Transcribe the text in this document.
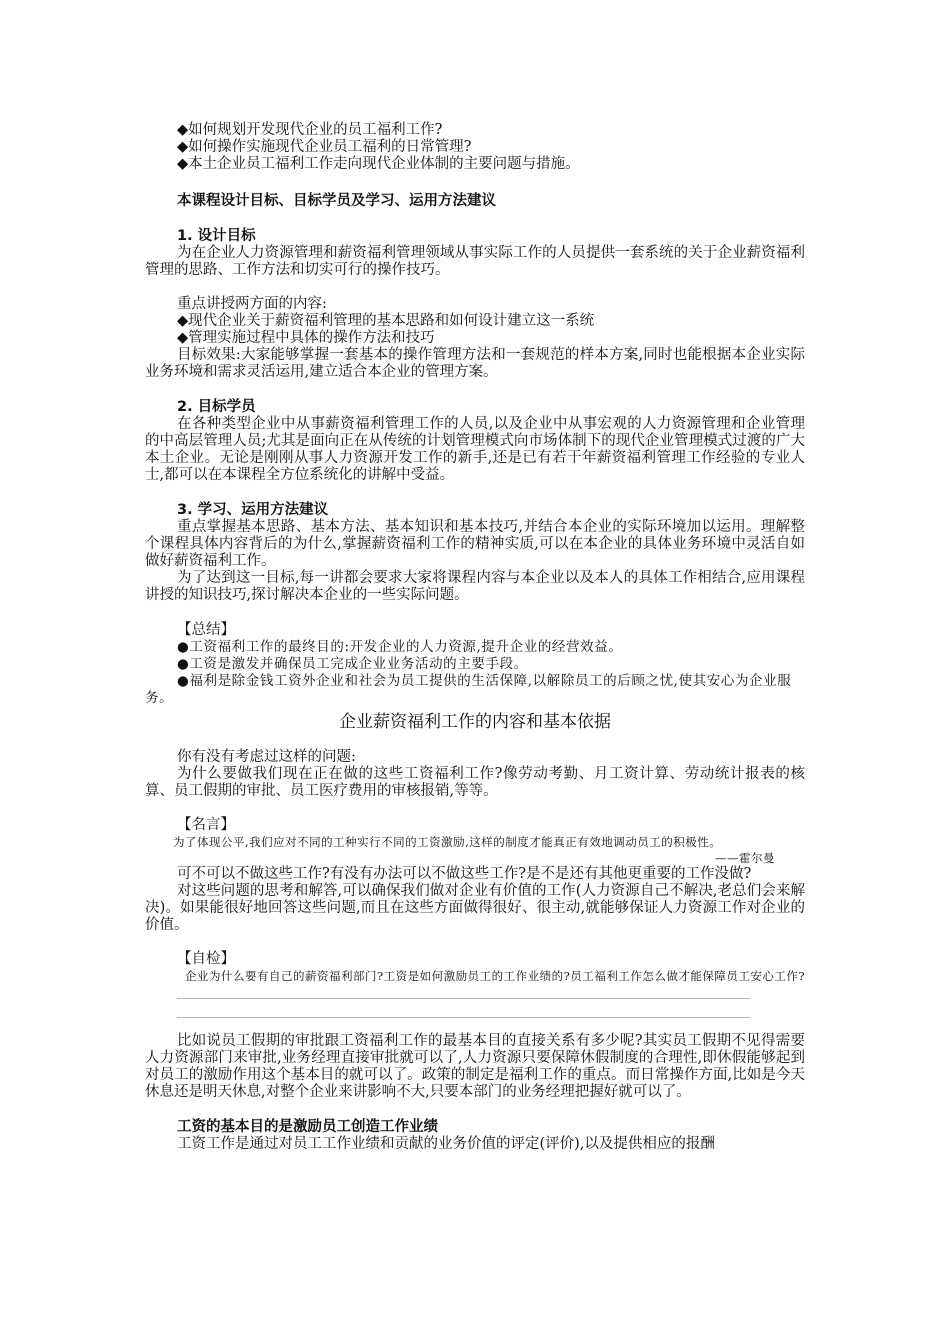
◆如何规划开发现代企业的员工福利工作?

◆如何操作实施现代企业员工福利的日常管理?

◆本土企业员工福利工作走向现代企业体制的主要问题与措施。

本课程设计目标、目标学员及学习、运用方法建议

1. 设计目标

为在企业人力资源管理和薪资福利管理领域从事实际工作的人员提供一套系统的关于企业薪资福利管理的思路、工作方法和切实可行的操作技巧。

重点讲授两方面的内容:

◆现代企业关于薪资福利管理的基本思路和如何设计建立这一系统

◆管理实施过程中具体的操作方法和技巧

目标效果:大家能够掌握一套基本的操作管理方法和一套规范的样本方案,同时也能根据本企业实际业务环境和需求灵活运用,建立适合本企业的管理方案。

2. 目标学员

在各种类型企业中从事薪资福利管理工作的人员,以及企业中从事宏观的人力资源管理和企业管理的中高层管理人员;尤其是面向正在从传统的计划管理模式向市场体制下的现代企业管理模式过渡的广大本土企业。无论是刚刚从事人力资源开发工作的新手,还是已有若干年薪资福利管理工作经验的专业人士,都可以在本课程全方位系统化的讲解中受益。

3. 学习、运用方法建议

重点掌握基本思路、基本方法、基本知识和基本技巧,并结合本企业的实际环境加以运用。理解整个课程具体内容背后的为什么,掌握薪资福利工作的精神实质,可以在本企业的具体业务环境中灵活自如做好薪资福利工作。

为了达到这一目标,每一讲都会要求大家将课程内容与本企业以及本人的具体工作相结合,应用课程讲授的知识技巧,探讨解决本企业的一些实际问题。

【总结】

●工资福利工作的最终目的:开发企业的人力资源,提升企业的经营效益。

●工资是激发并确保员工完成企业业务活动的主要手段。

●福利是除金钱工资外企业和社会为员工提供的生活保障,以解除员工的后顾之忧,使其安心为企业服务。

企业薪资福利工作的内容和基本依据

你有没有考虑过这样的问题:

为什么要做我们现在正在做的这些工资福利工作?像劳动考勤、月工资计算、劳动统计报表的核算、员工假期的审批、员工医疗费用的审核报销,等等。

【名言】

为了体现公平,我们应对不同的工种实行不同的工资激励,这样的制度才能真正有效地调动员工的积极性。

——霍尔曼

可不可以不做这些工作?有没有办法可以不做这些工作?是不是还有其他更重要的工作没做?

对这些问题的思考和解答,可以确保我们做对企业有价值的工作(人力资源自己不解决,老总们会来解决)。如果能很好地回答这些问题,而且在这些方面做得很好、很主动,就能够保证人力资源工作对企业的价值。

【自检】

企业为什么要有自己的薪资福利部门?工资是如何激励员工的工作业绩的?员工福利工作怎么做才能保障员工安心工作?

比如说员工假期的审批跟工资福利工作的最基本目的直接关系有多少呢?其实员工假期不见得需要人力资源部门来审批,业务经理直接审批就可以了,人力资源只要保障休假制度的合理性,即休假能够起到对员工的激励作用这个基本目的就可以了。政策的制定是福利工作的重点。而日常操作方面,比如是今天休息还是明天休息,对整个企业来讲影响不大,只要本部门的业务经理把握好就可以了。

工资的基本目的是激励员工创造工作业绩

工资工作是通过对员工工作业绩和贡献的业务价值的评定(评价),以及提供相应的报酬
